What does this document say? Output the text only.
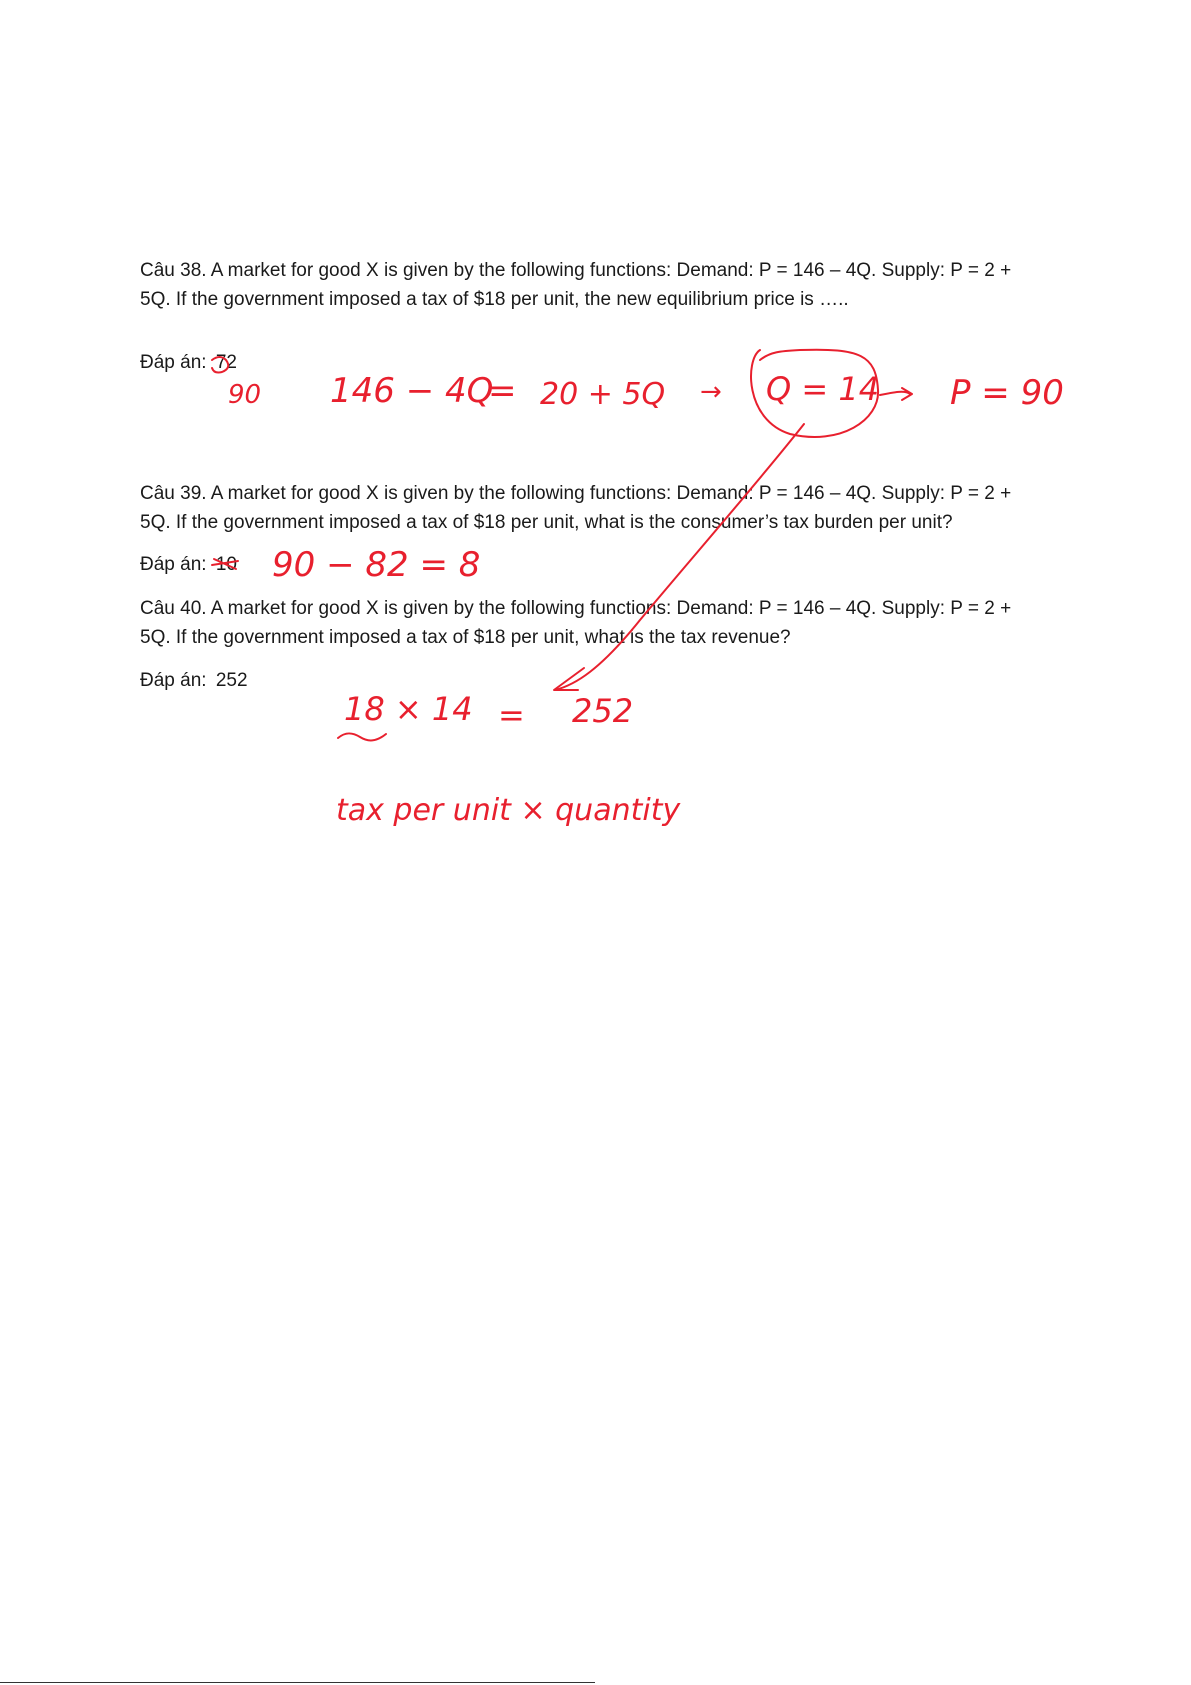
Câu 38. A market for good X is given by the following functions: Demand: P = 146 – 4Q. Supply: P = 2 + 5Q. If the government imposed a tax of $18 per unit, the new equilibrium price is …..

Đáp án: 72

Câu 39. A market for good X is given by the following functions: Demand: P = 146 – 4Q. Supply: P = 2 + 5Q. If the government imposed a tax of $18 per unit, what is the consumer’s tax burden per unit?

Đáp án: 10

Câu 40. A market for good X is given by the following functions: Demand: P = 146 – 4Q. Supply: P = 2 + 5Q. If the government imposed a tax of $18 per unit, what is the tax revenue?

Đáp án: 252

90 146 − 4Q
= 20 + 5Q → Q = 14 P = 90
90 − 82 = 8
18 × 14 = 252
tax per unit × quantity
